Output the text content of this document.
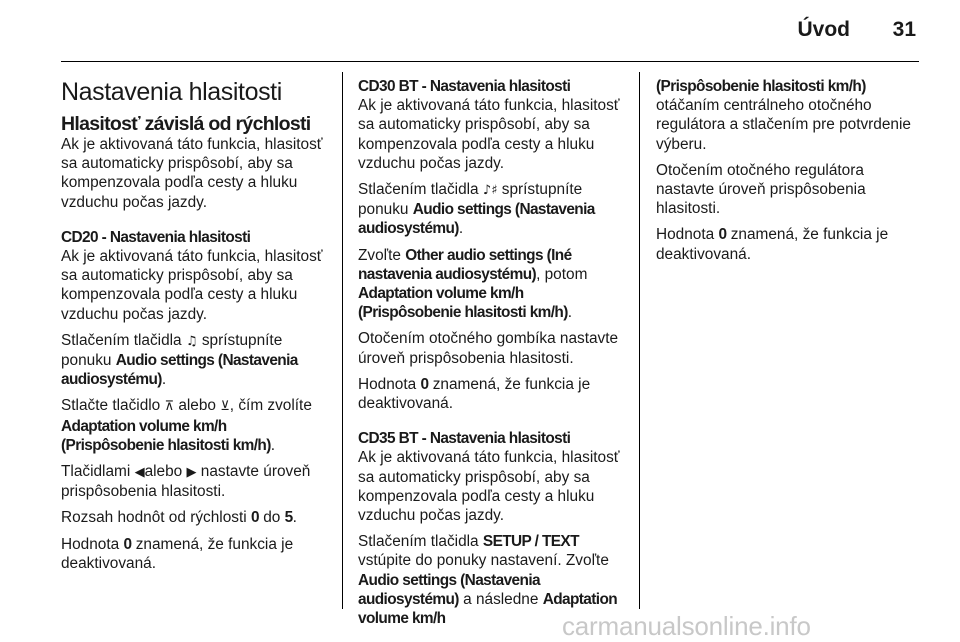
Úvod 31
Nastavenia hlasitosti
Hlasitosť závislá od rýchlosti

Ak je aktivovaná táto funkcia, hlasitosť sa automaticky prispôsobí, aby sa kompenzovala podľa cesty a hluku vzduchu počas jazdy.

CD20 - Nastavenia hlasitosti

Ak je aktivovaná táto funkcia, hlasitosť sa automaticky prispôsobí, aby sa kompenzovala podľa cesty a hluku vzduchu počas jazdy.

Stlačením tlačidla ♫ sprístupníte ponuku Audio settings (Nastavenia audiosystému).

Stlačte tlačidlo ⊼ alebo ⊻, čím zvolíte Adaptation volume km/h (Prispôsobenie hlasitosti km/h).

Tlačidlami ◀alebo ▶ nastavte úroveň prispôsobenia hlasitosti.

Rozsah hodnôt od rýchlosti 0 do 5.

Hodnota 0 znamená, že funkcia je deaktivovaná.

CD30 BT - Nastavenia hlasitosti

Ak je aktivovaná táto funkcia, hlasitosť sa automaticky prispôsobí, aby sa kompenzovala podľa cesty a hluku vzduchu počas jazdy.

Stlačením tlačidla ♪♯ sprístupníte ponuku Audio settings (Nastavenia audiosystému).

Zvoľte Other audio settings (Iné nastavenia audiosystému), potom Adaptation volume km/h (Prispôsobenie hlasitosti km/h).

Otočením otočného gombíka nastavte úroveň prispôsobenia hlasitosti.

Hodnota 0 znamená, že funkcia je deaktivovaná.

CD35 BT - Nastavenia hlasitosti

Ak je aktivovaná táto funkcia, hlasitosť sa automaticky prispôsobí, aby sa kompenzovala podľa cesty a hluku vzduchu počas jazdy.

Stlačením tlačidla SETUP / TEXT vstúpite do ponuky nastavení. Zvoľte Audio settings (Nastavenia audiosystému) a následne Adaptation volume km/h

(Prispôsobenie hlasitosti km/h) otáčaním centrálneho otočného regulátora a stlačením pre potvrdenie výberu.

Otočením otočného regulátora nastavte úroveň prispôsobenia hlasitosti.

Hodnota 0 znamená, že funkcia je deaktivovaná.

carmanualsonline.info
